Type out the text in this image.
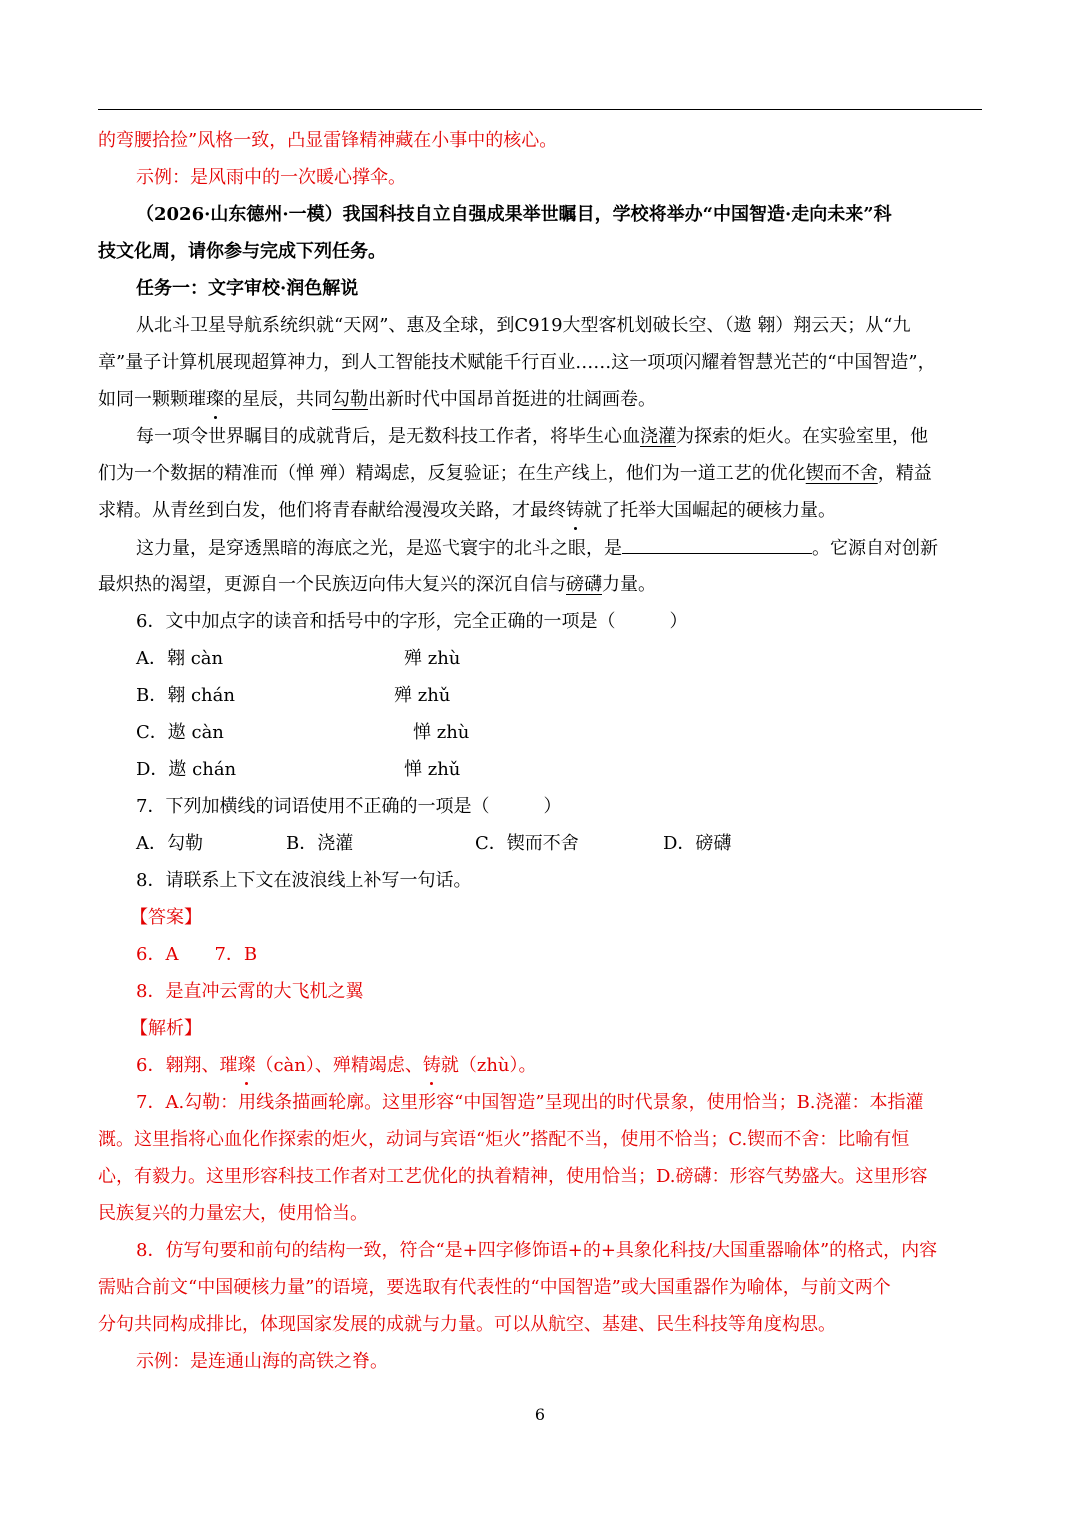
的弯腰拾捡”风格一致，凸显雷锋精神藏在小事中的核心。
示例：是风雨中的一次暖心撑伞。
（2026·山东德州·一模）我国科技自立自强成果举世瞩目，学校将举办“中国智造·走向未来”科
技文化周，请你参与完成下列任务。
任务一：文字审校·润色解说
从北斗卫星导航系统织就“天网”、惠及全球，到C919大型客机划破长空、（遨 翱）翔云天；从“九
章”量子计算机展现超算神力，到人工智能技术赋能千行百业……这一项项闪耀着智慧光芒的“中国智造”，
如同一颗颗璀璨的星辰，共同勾勒出新时代中国昂首挺进的壮阔画卷。
每一项令世界瞩目的成就背后，是无数科技工作者，将毕生心血浇灌为探索的炬火。在实验室里，他
们为一个数据的精准而（惮 殚）精竭虑，反复验证；在生产线上，他们为一道工艺的优化锲而不舍，精益
求精。从青丝到白发，他们将青春献给漫漫攻关路，才最终铸就了托举大国崛起的硬核力量。
这力量，是穿透黑暗的海底之光，是巡弋寰宇的北斗之眼，是	。它源自对创新
最炽热的渴望，更源自一个民族迈向伟大复兴的深沉自信与磅礴力量。
6．文中加点字的读音和括号中的字形，完全正确的一项是（　　　）
A．翱 càn	殚 zhù
B．翱 chán	殚 zhǔ
C．遨 càn	惮 zhù
D．遨 chán	惮 zhǔ
7．下列加横线的词语使用不正确的一项是（　　　）
A．勾勒	B．浇灌	C．锲而不舍	D．磅礴
8．请联系上下文在波浪线上补写一句话。
【答案】
6．A　　7．B
8．是直冲云霄的大飞机之翼
【解析】
6．翱翔、璀璨（càn）、殚精竭虑、铸就（zhù）。
7．A.勾勒：用线条描画轮廓。这里形容“中国智造”呈现出的时代景象，使用恰当；B.浇灌：本指灌
溉。这里指将心血化作探索的炬火，动词与宾语“炬火”搭配不当，使用不恰当；C.锲而不舍：比喻有恒
心，有毅力。这里形容科技工作者对工艺优化的执着精神，使用恰当；D.磅礴：形容气势盛大。这里形容
民族复兴的力量宏大，使用恰当。
8．仿写句要和前句的结构一致，符合“是+四字修饰语+的+具象化科技/大国重器喻体”的格式，内容
需贴合前文“中国硬核力量”的语境，要选取有代表性的“中国智造”或大国重器作为喻体，与前文两个
分句共同构成排比，体现国家发展的成就与力量。可以从航空、基建、民生科技等角度构思。
示例：是连通山海的高铁之脊。
6
